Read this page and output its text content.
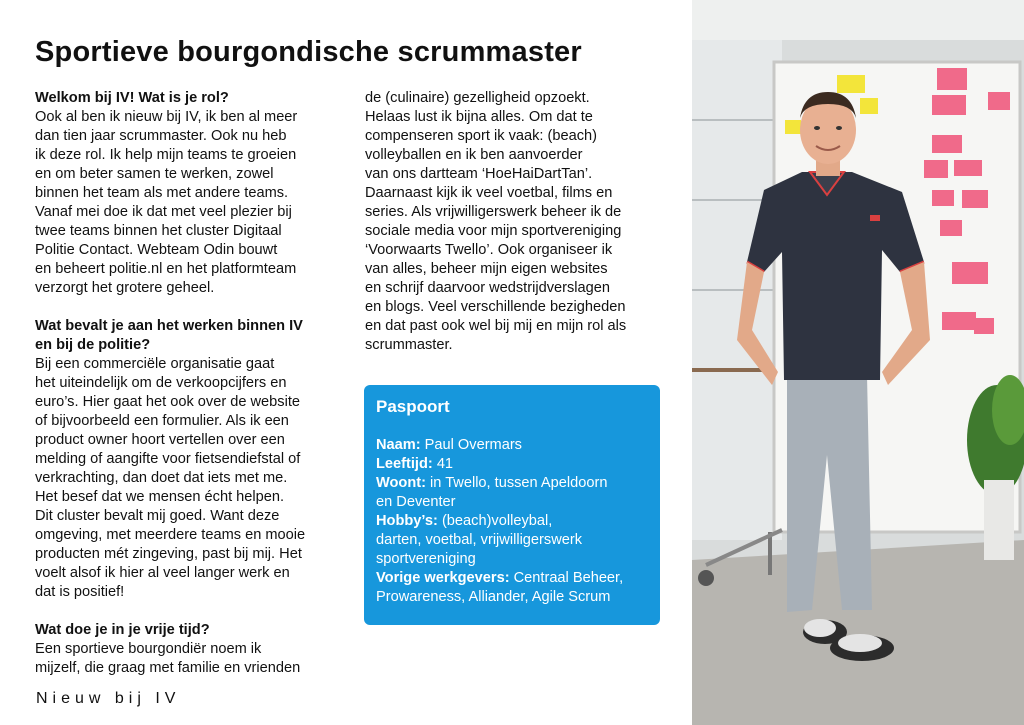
Sportieve bourgondische scrummaster

Welkom bij IV! Wat is je rol?

Ook al ben ik nieuw bij IV, ik ben al meer

dan tien jaar scrummaster. Ook nu heb

ik deze rol. Ik help mijn teams te groeien

en om beter samen te werken, zowel

binnen het team als met andere teams.

Vanaf mei doe ik dat met veel plezier bij

twee teams binnen het cluster Digitaal

Politie Contact. Webteam Odin bouwt

en beheert politie.nl en het platformteam

verzorgt het grotere geheel.

Wat bevalt je aan het werken binnen IV

en bij de politie?

Bij een commerciële organisatie gaat

het uiteindelijk om de verkoopcijfers en

euro’s. Hier gaat het ook over de website

of bijvoorbeeld een formulier. Als ik een

product owner hoort vertellen over een

melding of aangifte voor fietsendiefstal of

verkrachting, dan doet dat iets met me.

Het besef dat we mensen écht helpen.

Dit cluster bevalt mij goed. Want deze

omgeving, met meerdere teams en mooie

producten mét zingeving, past bij mij. Het

voelt alsof ik hier al veel langer werk en

dat is positief!

Wat doe je in je vrije tijd?

Een sportieve bourgondiër noem ik

mijzelf, die graag met familie en vrienden

de (culinaire) gezelligheid opzoekt.

Helaas lust ik bijna alles. Om dat te

compenseren sport ik vaak: (beach)

volleyballen en ik ben aanvoerder

van ons dartteam ‘HoeHaiDartTan’.

Daarnaast kijk ik veel voetbal, films en

series. Als vrijwilligerswerk beheer ik de

sociale media voor mijn sportvereniging

‘Voorwaarts Twello’. Ook organiseer ik

van alles, beheer mijn eigen websites

en schrijf daarvoor wedstrijdverslagen

en blogs. Veel verschillende bezigheden

en dat past ook wel bij mij en mijn rol als

scrummaster.

Paspoort

Naam: Paul Overmars

Leeftijd: 41

Woont: in Twello, tussen Apeldoorn

en Deventer

Hobby’s: (beach)volleybal,

darten, voetbal, vrijwilligerswerk

sportvereniging

Vorige werkgevers: Centraal Beheer,

Prowareness, Alliander, Agile Scrum

Nieuw bij IV
